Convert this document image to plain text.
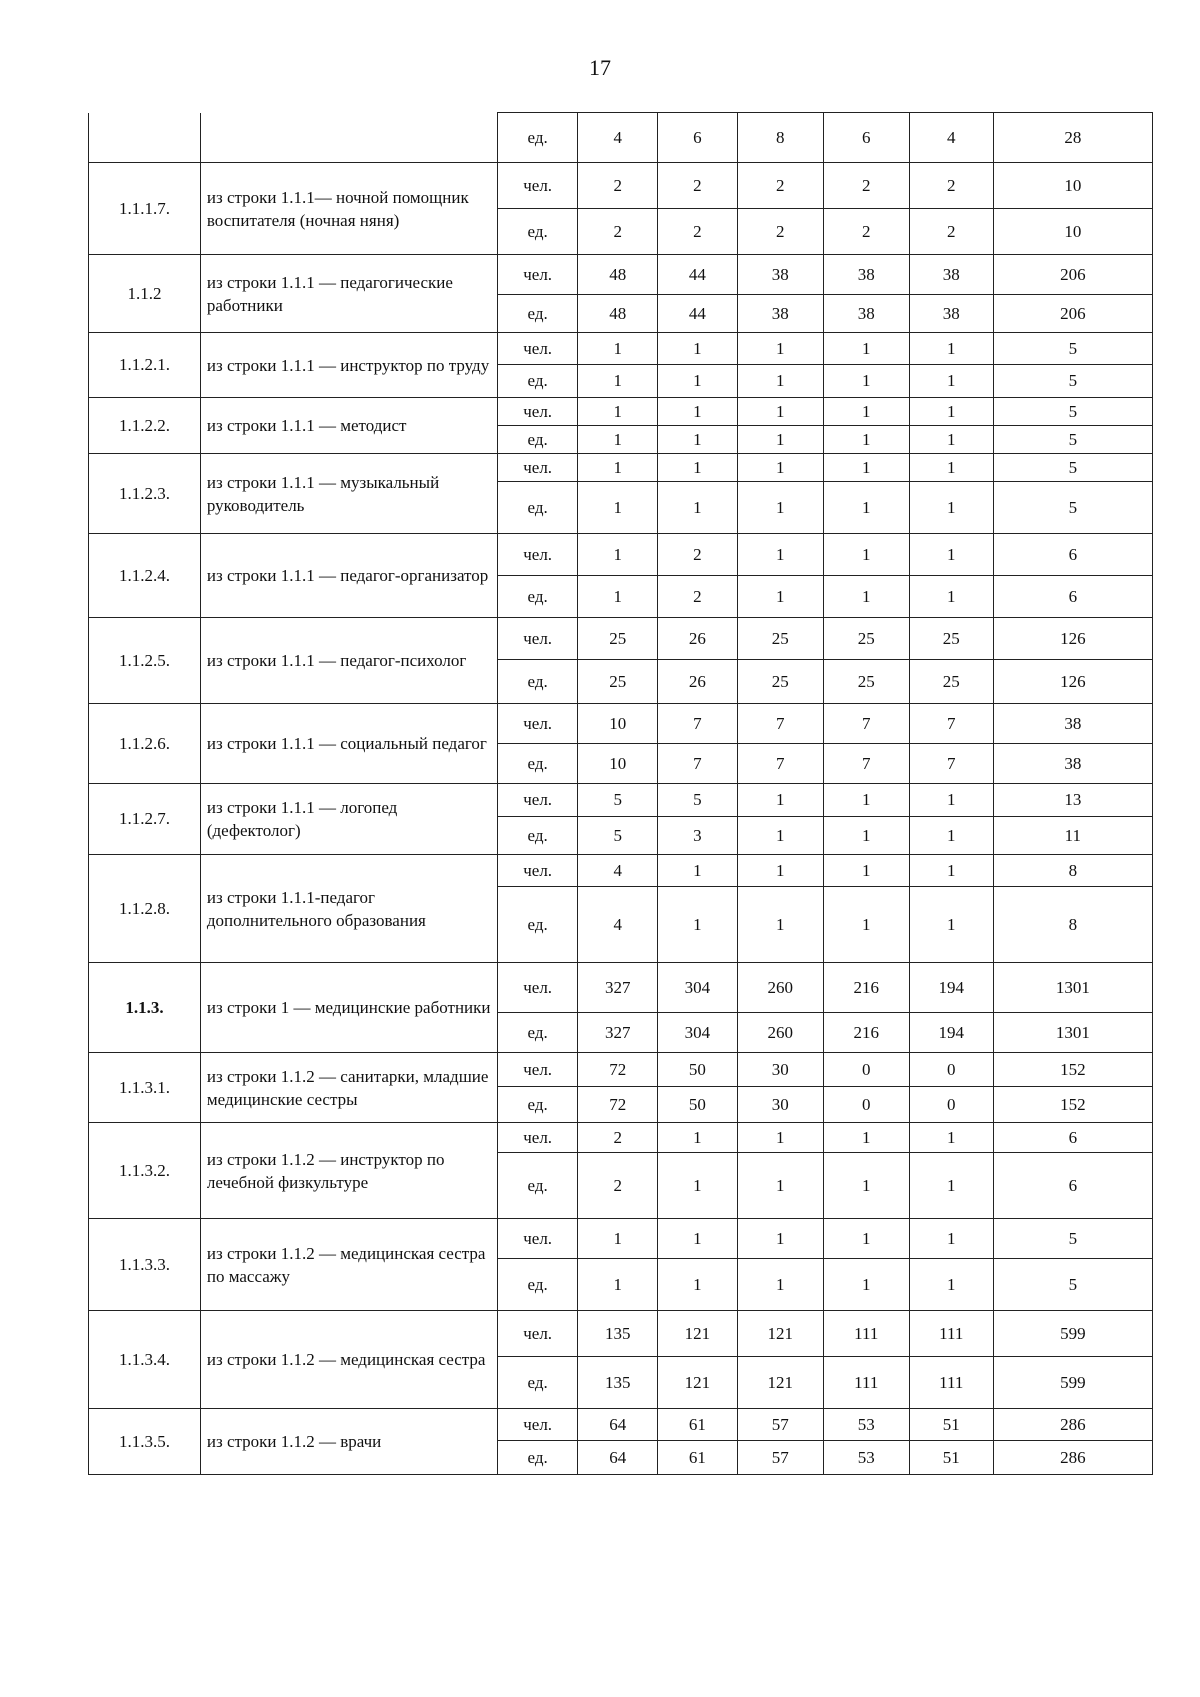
17
		ед.	4	6	8	6	4	28
1.1.1.7.	из строки 1.1.1— ночной помощник воспитателя (ночная няня)	чел.	2	2	2	2	2	10
		ед.	2	2	2	2	2	10
1.1.2	из строки 1.1.1 — педагогические работники	чел.	48	44	38	38	38	206
		ед.	48	44	38	38	38	206
1.1.2.1.	из строки 1.1.1 — инструктор по труду	чел.	1	1	1	1	1	5
		ед.	1	1	1	1	1	5
1.1.2.2.	из строки 1.1.1 — методист	чел.	1	1	1	1	1	5
		ед.	1	1	1	1	1	5
1.1.2.3.	из строки 1.1.1 — музыкальный руководитель	чел.	1	1	1	1	1	5
		ед.	1	1	1	1	1	5
1.1.2.4.	из строки 1.1.1 — педагог-организатор	чел.	1	2	1	1	1	6
		ед.	1	2	1	1	1	6
1.1.2.5.	из строки 1.1.1 — педагог-психолог	чел.	25	26	25	25	25	126
		ед.	25	26	25	25	25	126
1.1.2.6.	из строки 1.1.1 — социальный педагог	чел.	10	7	7	7	7	38
		ед.	10	7	7	7	7	38
1.1.2.7.	из строки 1.1.1 — логопед (дефектолог)	чел.	5	5	1	1	1	13
		ед.	5	3	1	1	1	11
1.1.2.8.	из строки 1.1.1-педагог дополнительного образования	чел.	4	1	1	1	1	8
		ед.	4	1	1	1	1	8
1.1.3.	из строки 1 — медицинские работники	чел.	327	304	260	216	194	1301
		ед.	327	304	260	216	194	1301
1.1.3.1.	из строки 1.1.2 — санитарки, младшие медицинские сестры	чел.	72	50	30	0	0	152
		ед.	72	50	30	0	0	152
1.1.3.2.	из строки 1.1.2 — инструктор по лечебной физкультуре	чел.	2	1	1	1	1	6
		ед.	2	1	1	1	1	6
1.1.3.3.	из строки 1.1.2 — медицинская сестра по массажу	чел.	1	1	1	1	1	5
		ед.	1	1	1	1	1	5
1.1.3.4.	из строки 1.1.2 — медицинская сестра	чел.	135	121	121	111	111	599
		ед.	135	121	121	111	111	599
1.1.3.5.	из строки 1.1.2 — врачи	чел.	64	61	57	53	51	286
		ед.	64	61	57	53	51	286
